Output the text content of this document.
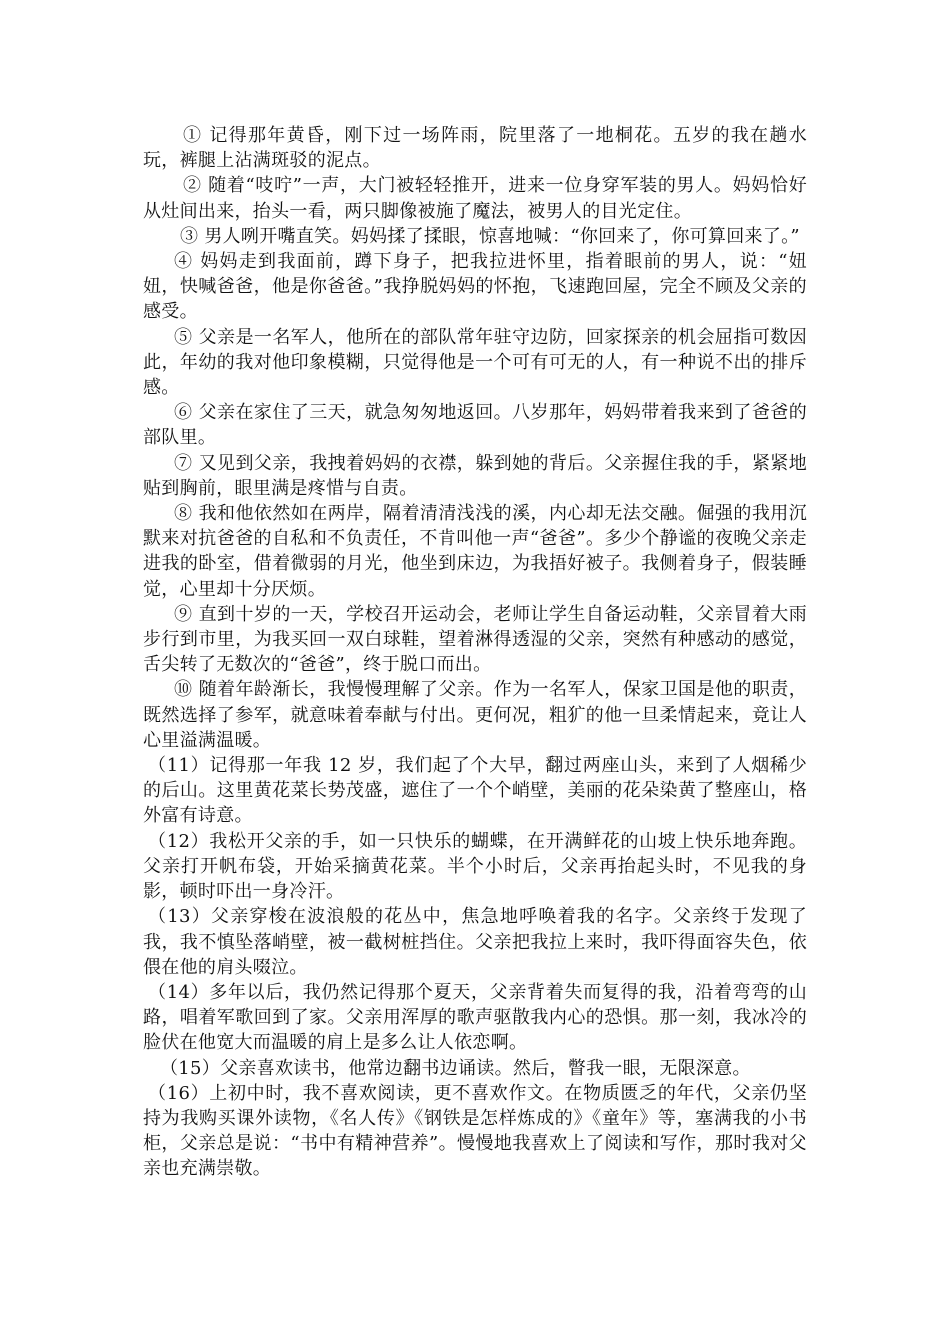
① 记得那年黄昏，刚下过一场阵雨，院里落了一地桐花。五岁的我在趟水玩，裤腿上沾满斑驳的泥点。

② 随着“吱咛”一声，大门被轻轻推开，进来一位身穿军装的男人。妈妈恰好从灶间出来，抬头一看，两只脚像被施了魔法，被男人的目光定住。

③ 男人咧开嘴直笑。妈妈揉了揉眼，惊喜地喊：“你回来了，你可算回来了。”

④ 妈妈走到我面前，蹲下身子，把我拉进怀里，指着眼前的男人，说：“妞妞，快喊爸爸，他是你爸爸。”我挣脱妈妈的怀抱，飞速跑回屋，完全不顾及父亲的感受。

⑤ 父亲是一名军人，他所在的部队常年驻守边防，回家探亲的机会屈指可数因此，年幼的我对他印象模糊，只觉得他是一个可有可无的人，有一种说不出的排斥感。

⑥ 父亲在家住了三天，就急匆匆地返回。八岁那年，妈妈带着我来到了爸爸的部队里。

⑦ 又见到父亲，我拽着妈妈的衣襟，躲到她的背后。父亲握住我的手，紧紧地贴到胸前，眼里满是疼惜与自责。

⑧ 我和他依然如在两岸，隔着清清浅浅的溪，内心却无法交融。倔强的我用沉默来对抗爸爸的自私和不负责任，不肯叫他一声“爸爸”。多少个静谧的夜晚父亲走进我的卧室，借着微弱的月光，他坐到床边，为我捂好被子。我侧着身子，假装睡觉，心里却十分厌烦。

⑨ 直到十岁的一天，学校召开运动会，老师让学生自备运动鞋，父亲冒着大雨步行到市里，为我买回一双白球鞋，望着淋得透湿的父亲，突然有种感动的感觉，舌尖转了无数次的“爸爸”，终于脱口而出。

⑩ 随着年龄渐长，我慢慢理解了父亲。作为一名军人，保家卫国是他的职责，既然选择了参军，就意味着奉献与付出。更何况，粗犷的他一旦柔情起来，竟让人心里溢满温暖。

（11）记得那一年我 12 岁，我们起了个大早，翻过两座山头，来到了人烟稀少的后山。这里黄花菜长势茂盛，遮住了一个个峭壁，美丽的花朵染黄了整座山，格外富有诗意。

（12）我松开父亲的手，如一只快乐的蝴蝶，在开满鲜花的山坡上快乐地奔跑。父亲打开帆布袋，开始采摘黄花菜。半个小时后，父亲再抬起头时，不见我的身影，顿时吓出一身冷汗。

（13）父亲穿梭在波浪般的花丛中，焦急地呼唤着我的名字。父亲终于发现了我，我不慎坠落峭壁，被一截树桩挡住。父亲把我拉上来时，我吓得面容失色，依偎在他的肩头啜泣。

（14）多年以后，我仍然记得那个夏天，父亲背着失而复得的我，沿着弯弯的山路，唱着军歌回到了家。父亲用浑厚的歌声驱散我内心的恐惧。那一刻，我冰冷的脸伏在他宽大而温暖的肩上是多么让人依恋啊。

（15）父亲喜欢读书，他常边翻书边诵读。然后，瞥我一眼，无限深意。

（16）上初中时，我不喜欢阅读，更不喜欢作文。在物质匮乏的年代，父亲仍坚持为我购买课外读物，《名人传》《钢铁是怎样炼成的》《童年》等，塞满我的小书柜，父亲总是说：“书中有精神营养”。慢慢地我喜欢上了阅读和写作，那时我对父亲也充满崇敬。
